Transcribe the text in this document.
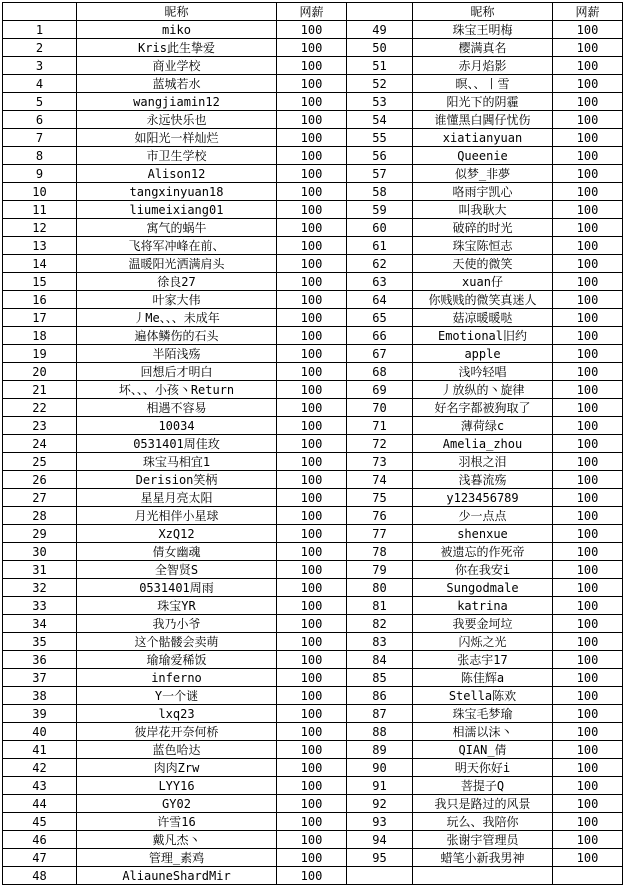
	昵称	网薪		昵称	网薪
1	miko	100	49	珠宝王明梅	100
2	Kris此生挚爱	100	50	樱满真名	100
3	商业学校	100	51	赤月焰影	100
4	蓝城若水	100	52	暝、、丨雪	100
5	wangjiamin12	100	53	阳光下的阴霾	100
6	永远快乐也	100	54	谁懂黑白閪仔忧伤	100
7	如阳光一样灿烂	100	55	xiatianyuan	100
8	市卫生学校	100	56	Queenie	100
9	Alison12	100	57	似梦_非夢	100
10	tangxinyuan18	100	58	咯雨宇凯心	100
11	liumeixiang01	100	59	叫我耿大	100
12	寓气的蜗牛	100	60	破碎的时光	100
13	飞将军冲峰在前、	100	61	珠宝陈恒志	100
14	温暖阳光洒满肩头	100	62	天使的微笑	100
15	徐良27	100	63	xuan仔	100
16	叶家大伟	100	64	你贱贱的微笑真迷人	100
17	丿Me、、、未成年	100	65	菇凉暖暖哒	100
18	遍体鳞伤的石头	100	66	Emotional旧约	100
19	半陌浅殇	100	67	apple	100
20	回想后才明白	100	68	浅吟轻唱	100
21	坏、、、小孩丶Return	100	69	丿放纵的丶旋律	100
22	相遇不容易	100	70	好名字都被狗取了	100
23	10034	100	71	薄荷绿c	100
24	0531401周佳玫	100	72	Amelia_zhou	100
25	珠宝马相宜1	100	73	羽根之泪	100
26	Derision笑柄	100	74	浅暮流殇	100
27	星星月亮太阳	100	75	y123456789	100
28	月光相伴小星球	100	76	少一点点	100
29	XzQ12	100	77	shenxue	100
30	倩女幽魂	100	78	被遗忘的作死帝	100
31	全智贤S	100	79	你在我安i	100
32	0531401周雨	100	80	Sungodmale	100
33	珠宝YR	100	81	katrina	100
34	我乃小爷	100	82	我要金坷垃	100
35	这个骷髅会卖萌	100	83	闪烁之光	100
36	瑜瑜爱稀饭	100	84	张志宇17	100
37	inferno	100	85	陈佳辉a	100
38	Y一个谜	100	86	Stella陈欢	100
39	lxq23	100	87	珠宝毛梦瑜	100
40	彼岸花开奈何桥	100	88	相濡以沫丶	100
41	蓝色哈达	100	89	QIAN_倩	100
42	肉肉Zrw	100	90	明天你好i	100
43	LYY16	100	91	菩提子Q	100
44	GY02	100	92	我只是路过的风景	100
45	许雪16	100	93	玩么、我陪你	100
46	戴凡杰丶	100	94	张谢宇管理员	100
47	管理_素鸡	100	95	蜡笔小新我男神	100
48	AliauneShardMir	100			
